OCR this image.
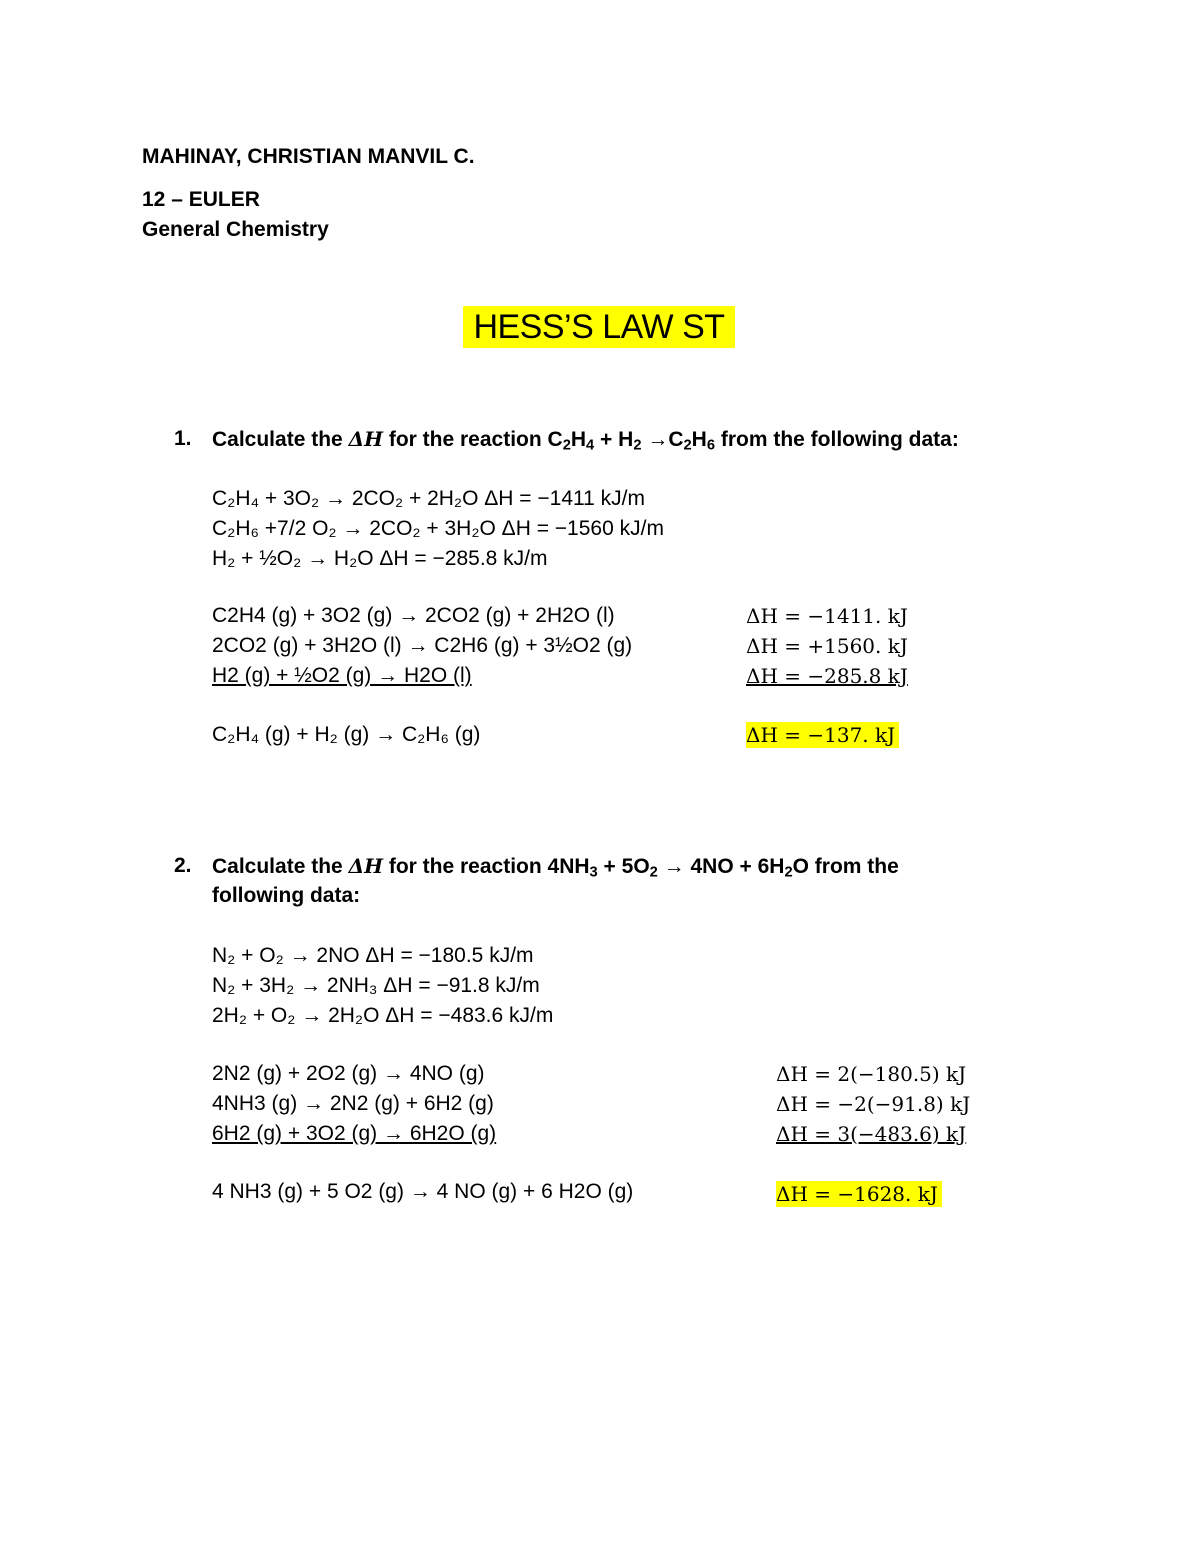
MAHINAY, CHRISTIAN MANVIL C.
12 – EULER
General Chemistry
HESS’S LAW ST
1. Calculate the ΔH for the reaction $C_2H_4 + H_2 \to C_2H_6$ from the following data:
C₂H₄ + 3O₂ → 2CO₂ + 2H₂O ΔH = −1411 kJ/m
C₂H₆ +7/2 O₂ → 2CO₂ + 3H₂O ΔH = −1560 kJ/m
H₂ + ½O₂ → H₂O ΔH = −285.8 kJ/m
C2H4 (g) + 3O2 (g) → 2CO2 (g) + 2H2O (l)	ΔH = −1411. kJ
2CO2 (g) + 3H2O (l) → C2H6 (g) + 3½O2 (g)	ΔH = +1560. kJ
H2 (g) + ½O2 (g) → H2O (l)	ΔH = −285.8 kJ
C₂H₄ (g) + H₂ (g) → C₂H₆ (g)	ΔH = −137. kJ
2. Calculate the ΔH for the reaction $4NH_3 + 5O_2 \to 4NO + 6H_2O$ from the
following data:
N₂ + O₂ → 2NO ΔH = −180.5 kJ/m
N₂ + 3H₂ → 2NH₃ ΔH = −91.8 kJ/m
2H₂ + O₂ → 2H₂O ΔH = −483.6 kJ/m
2N2 (g) + 2O2 (g) → 4NO (g)	ΔH = 2(−180.5) kJ
4NH3 (g) → 2N2 (g) + 6H2 (g)	ΔH = −2(−91.8) kJ
6H2 (g) + 3O2 (g) → 6H2O (g)	ΔH = 3(−483.6) kJ
4 NH3 (g) + 5 O2 (g) → 4 NO (g) + 6 H2O (g)	ΔH = −1628. kJ
